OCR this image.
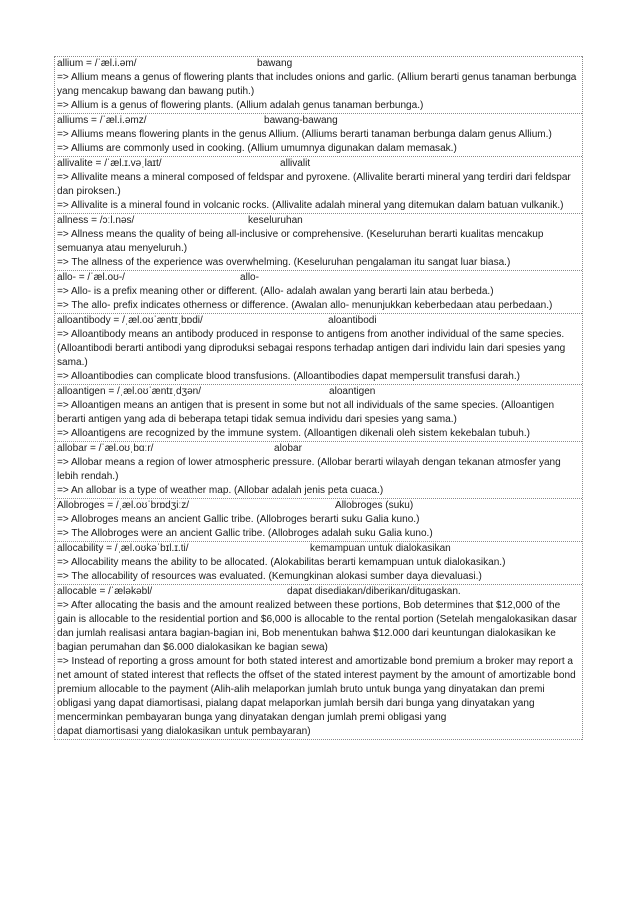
allium = /ˈæl.i.əm/	bawang
=> Allium means a genus of flowering plants that includes onions and garlic. (Allium berarti genus tanaman berbunga yang mencakup bawang dan bawang putih.)
=> Allium is a genus of flowering plants. (Allium adalah genus tanaman berbunga.)
alliums = /ˈæl.i.əmz/	bawang-bawang
=> Alliums means flowering plants in the genus Allium. (Alliums berarti tanaman berbunga dalam genus Allium.)
=> Alliums are commonly used in cooking. (Allium umumnya digunakan dalam memasak.)
allivalite = /ˈæl.ɪ.vəˌlaɪt/	allivalit
=> Allivalite means a mineral composed of feldspar and pyroxene. (Allivalite berarti mineral yang terdiri dari feldspar dan piroksen.)
=> Allivalite is a mineral found in volcanic rocks. (Allivalite adalah mineral yang ditemukan dalam batuan vulkanik.)
allness = /ɔːl.nəs/	keseluruhan
=> Allness means the quality of being all-inclusive or comprehensive. (Keseluruhan berarti kualitas mencakup semuanya atau menyeluruh.)
=> The allness of the experience was overwhelming. (Keseluruhan pengalaman itu sangat luar biasa.)
allo- = /ˈæl.oʊ-/	allo-
=> Allo- is a prefix meaning other or different. (Allo- adalah awalan yang berarti lain atau berbeda.)
=> The allo- prefix indicates otherness or difference. (Awalan allo- menunjukkan keberbedaan atau perbedaan.)
alloantibody = /ˌæl.oʊˈæntɪˌbɒdi/	aloantibodi
=> Alloantibody means an antibody produced in response to antigens from another individual of the same species. (Alloantibodi berarti antibodi yang diproduksi sebagai respons terhadap antigen dari individu lain dari spesies yang sama.)
=> Alloantibodies can complicate blood transfusions. (Alloantibodies dapat mempersulit transfusi darah.)
alloantigen = /ˌæl.oʊˈæntɪˌdʒən/	aloantigen
=> Alloantigen means an antigen that is present in some but not all individuals of the same species. (Alloantigen berarti antigen yang ada di beberapa tetapi tidak semua individu dari spesies yang sama.)
=> Alloantigens are recognized by the immune system. (Alloantigen dikenali oleh sistem kekebalan tubuh.)
allobar = /ˈæl.oʊˌbɑːr/	alobar
=> Allobar means a region of lower atmospheric pressure. (Allobar berarti wilayah dengan tekanan atmosfer yang lebih rendah.)
=> An allobar is a type of weather map. (Allobar adalah jenis peta cuaca.)
Allobroges = /ˌæl.oʊˈbrɒdʒiːz/	Allobroges (suku)
=> Allobroges means an ancient Gallic tribe. (Allobroges berarti suku Galia kuno.)
=> The Allobroges were an ancient Gallic tribe. (Allobroges adalah suku Galia kuno.)
allocability = /ˌæl.oʊkəˈbɪl.ɪ.ti/	kemampuan untuk dialokasikan
=> Allocability means the ability to be allocated. (Alokabilitas berarti kemampuan untuk dialokasikan.)
=> The allocability of resources was evaluated. (Kemungkinan alokasi sumber daya dievaluasi.)
allocable = /ˈæləkəbl/	dapat disediakan/diberikan/ditugaskan.
=> After allocating the basis and the amount realized between these portions, Bob determines that $12,000 of the gain is allocable to the residential portion and $6,000 is allocable to the rental portion (Setelah mengalokasikan dasar dan jumlah realisasi antara bagian-bagian ini, Bob menentukan bahwa $12.000 dari keuntungan dialokasikan ke bagian perumahan dan $6.000 dialokasikan ke bagian sewa)
=> Instead of reporting a gross amount for both stated interest and amortizable bond premium a broker may report a net amount of stated interest that reflects the offset of the stated interest payment by the amount of amortizable bond premium allocable to the payment (Alih-alih melaporkan jumlah bruto untuk bunga yang dinyatakan dan premi obligasi yang dapat diamortisasi, pialang dapat melaporkan jumlah bersih dari bunga yang dinyatakan yang mencerminkan pembayaran bunga yang dinyatakan dengan jumlah premi obligasi yang
dapat diamortisasi yang dialokasikan untuk pembayaran)
